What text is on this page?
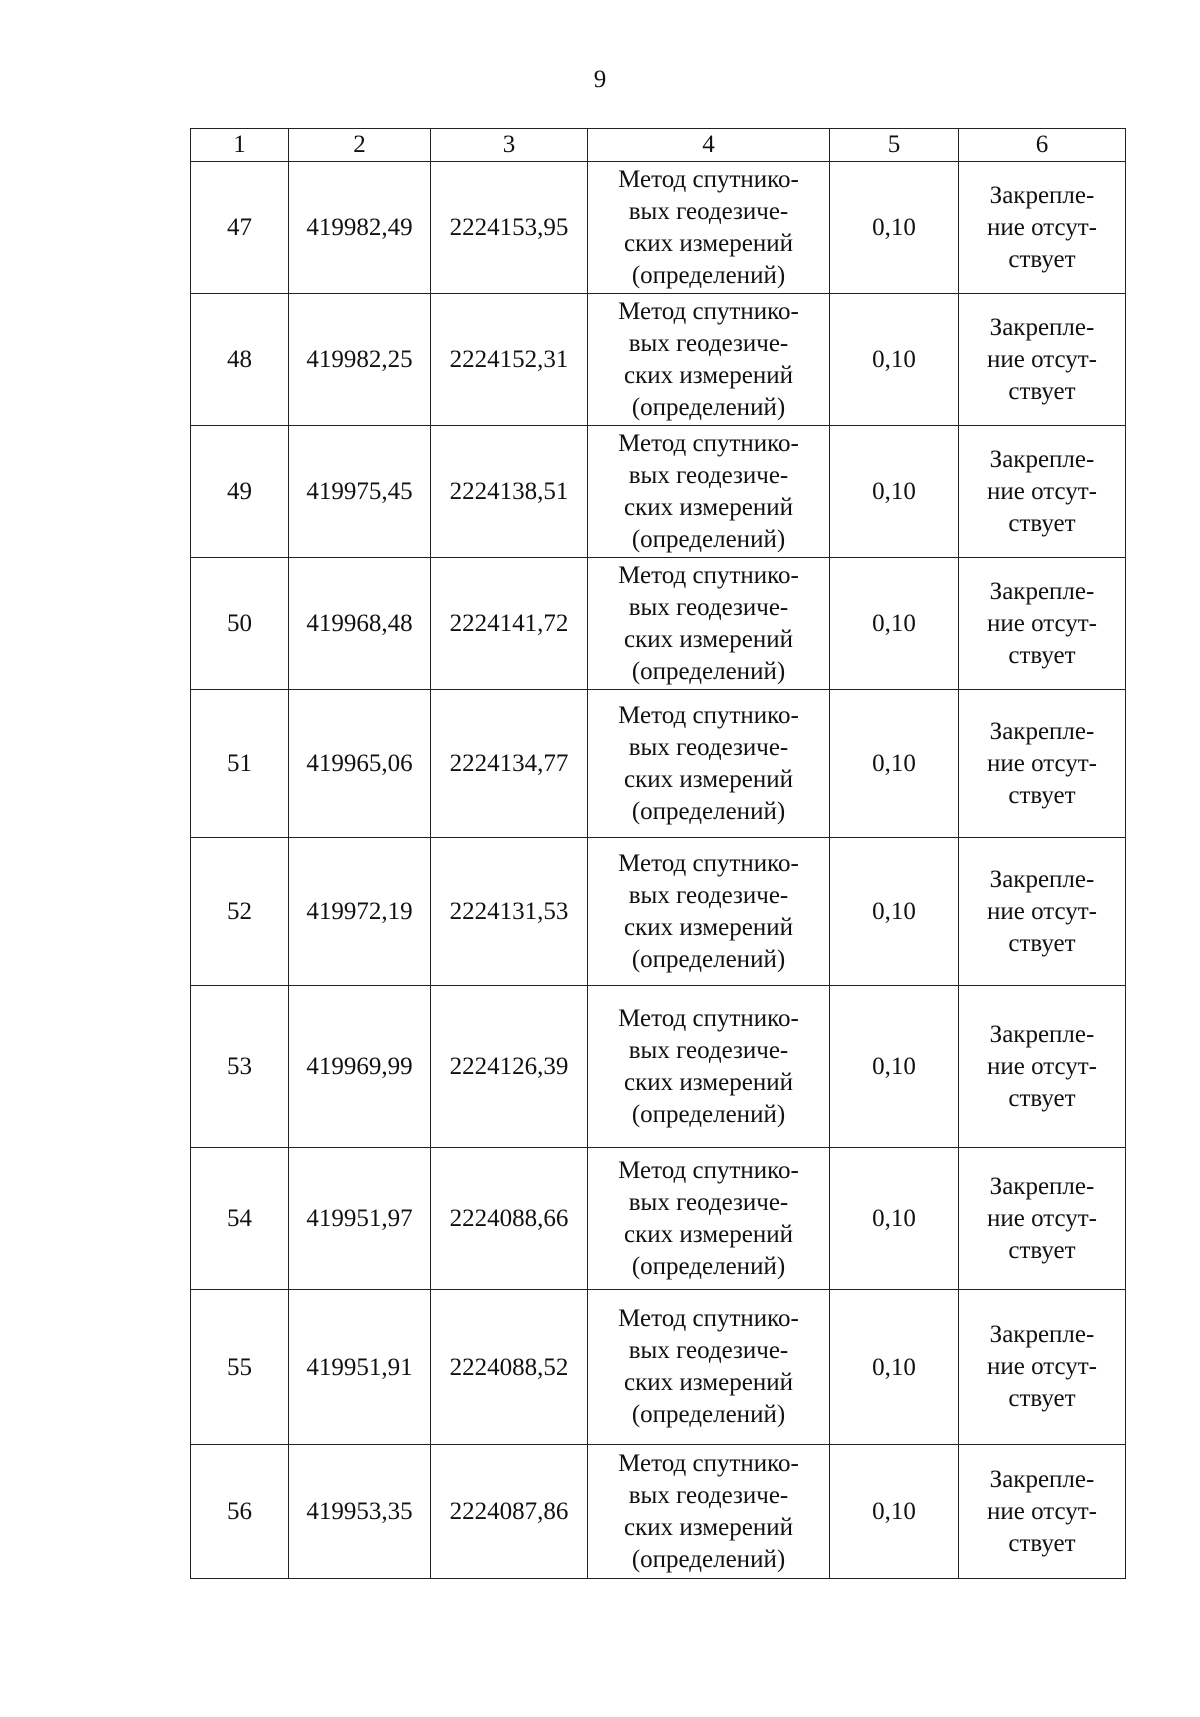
9
1	2	3	4	5	6
47	419982,49	2224153,95	Метод спутнико-
вых геодезиче-
ских измерений
(определений)	0,10	Закрепле-
ние отсут-
ствует

48	419982,25	2224152,31	Метод спутнико-
вых геодезиче-
ских измерений
(определений)	0,10	Закрепле-
ние отсут-
ствует

49	419975,45	2224138,51	Метод спутнико-
вых геодезиче-
ских измерений
(определений)	0,10	Закрепле-
ние отсут-
ствует

50	419968,48	2224141,72	Метод спутнико-
вых геодезиче-
ских измерений
(определений)	0,10	Закрепле-
ние отсут-
ствует

51	419965,06	2224134,77	Метод спутнико-
вых геодезиче-
ских измерений
(определений)	0,10	Закрепле-
ние отсут-
ствует

52	419972,19	2224131,53	Метод спутнико-
вых геодезиче-
ских измерений
(определений)	0,10	Закрепле-
ние отсут-
ствует

53	419969,99	2224126,39	Метод спутнико-
вых геодезиче-
ских измерений
(определений)	0,10	Закрепле-
ние отсут-
ствует

54	419951,97	2224088,66	Метод спутнико-
вых геодезиче-
ских измерений
(определений)	0,10	Закрепле-
ние отсут-
ствует

55	419951,91	2224088,52	Метод спутнико-
вых геодезиче-
ских измерений
(определений)	0,10	Закрепле-
ние отсут-
ствует

56	419953,35	2224087,86	Метод спутнико-
вых геодезиче-
ских измерений
(определений)	0,10	Закрепле-
ние отсут-
ствует
